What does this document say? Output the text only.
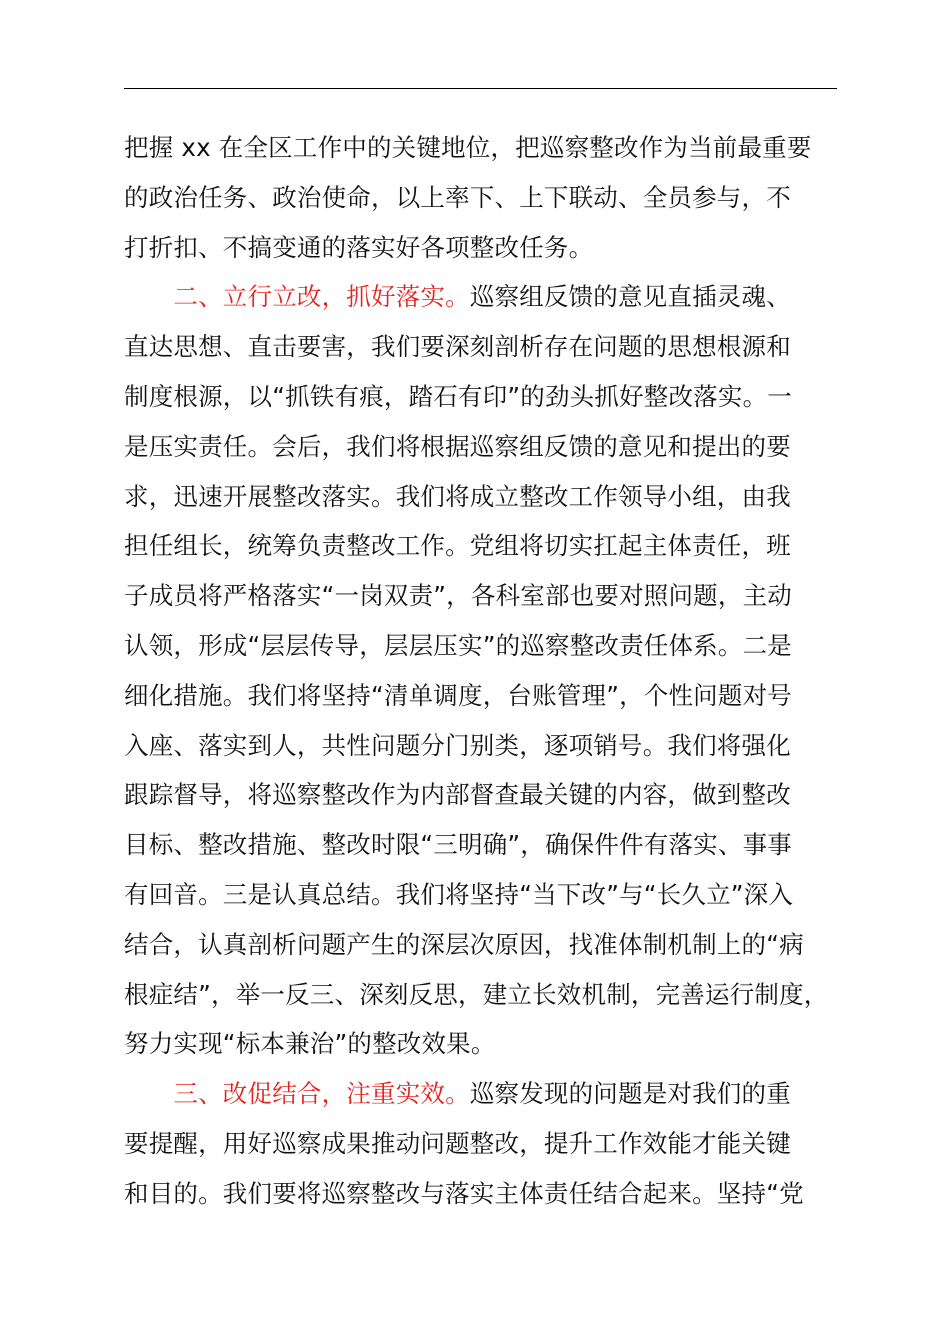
把握 xx 在全区工作中的关键地位，把巡察整改作为当前最重要
的政治任务、政治使命，以上率下、上下联动、全员参与，不
打折扣、不搞变通的落实好各项整改任务。
　　二、立行立改，抓好落实。巡察组反馈的意见直插灵魂、
直达思想、直击要害，我们要深刻剖析存在问题的思想根源和
制度根源，以“抓铁有痕，踏石有印”的劲头抓好整改落实。一
是压实责任。会后，我们将根据巡察组反馈的意见和提出的要
求，迅速开展整改落实。我们将成立整改工作领导小组，由我
担任组长，统筹负责整改工作。党组将切实扛起主体责任，班
子成员将严格落实“一岗双责”，各科室部也要对照问题，主动
认领，形成“层层传导，层层压实”的巡察整改责任体系。二是
细化措施。我们将坚持“清单调度，台账管理”，个性问题对号
入座、落实到人，共性问题分门别类，逐项销号。我们将强化
跟踪督导，将巡察整改作为内部督查最关键的内容，做到整改
目标、整改措施、整改时限“三明确”，确保件件有落实、事事
有回音。三是认真总结。我们将坚持“当下改”与“长久立”深入
结合，认真剖析问题产生的深层次原因，找准体制机制上的“病
根症结”，举一反三、深刻反思，建立长效机制，完善运行制度，
努力实现“标本兼治”的整改效果。
　　三、改促结合，注重实效。巡察发现的问题是对我们的重
要提醒，用好巡察成果推动问题整改，提升工作效能才能关键
和目的。我们要将巡察整改与落实主体责任结合起来。坚持“党
